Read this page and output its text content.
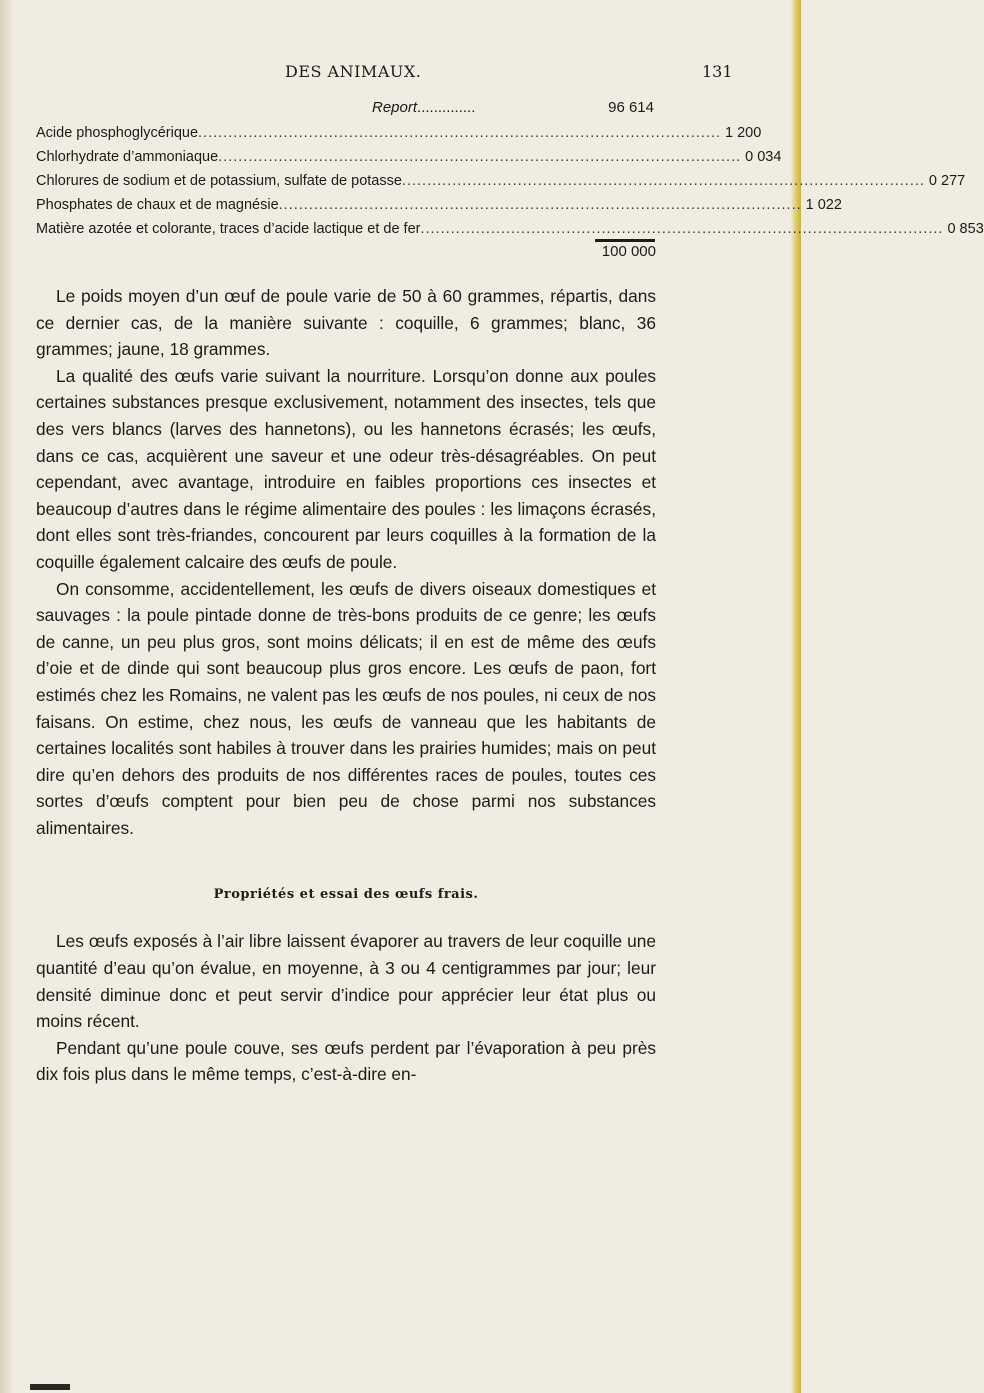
DES ANIMAUX.	131
Report..............	96 614
Acide phosphoglycérique ........................................................................................................ 1 200
Chlorhydrate d’ammoniaque ........................................................................................................ 0 034
Chlorures de sodium et de potassium, sulfate de potasse ........................................................................................................ 0 277
Phosphates de chaux et de magnésie ........................................................................................................ 1 022
Matière azotée et colorante, traces d’acide lactique et de fer ........................................................................................................ 0 853
100 000

Le poids moyen d’un œuf de poule varie de 50 à 60 grammes, répartis, dans ce dernier cas, de la manière suivante : coquille, 6 grammes; blanc, 36 grammes; jaune, 18 grammes.

La qualité des œufs varie suivant la nourriture. Lorsqu’on donne aux poules certaines substances presque exclusivement, notamment des insectes, tels que des vers blancs (larves des hannetons), ou les hannetons écrasés; les œufs, dans ce cas, acquièrent une saveur et une odeur très-désagréables. On peut cependant, avec avantage, introduire en faibles proportions ces insectes et beaucoup d’autres dans le régime alimentaire des poules : les limaçons écrasés, dont elles sont très-friandes, concourent par leurs coquilles à la formation de la coquille également calcaire des œufs de poule.

On consomme, accidentellement, les œufs de divers oiseaux domestiques et sauvages : la poule pintade donne de très-bons produits de ce genre; les œufs de canne, un peu plus gros, sont moins délicats; il en est de même des œufs d’oie et de dinde qui sont beaucoup plus gros encore. Les œufs de paon, fort estimés chez les Romains, ne valent pas les œufs de nos poules, ni ceux de nos faisans. On estime, chez nous, les œufs de vanneau que les habitants de certaines localités sont habiles à trouver dans les prairies humides; mais on peut dire qu’en dehors des produits de nos différentes races de poules, toutes ces sortes d’œufs comptent pour bien peu de chose parmi nos substances alimentaires.

Propriétés et essai des œufs frais.

Les œufs exposés à l’air libre laissent évaporer au travers de leur coquille une quantité d’eau qu’on évalue, en moyenne, à 3 ou 4 centigrammes par jour; leur densité diminue donc et peut servir d’indice pour apprécier leur état plus ou moins récent.

Pendant qu’une poule couve, ses œufs perdent par l’évaporation à peu près dix fois plus dans le même temps, c’est-à-dire en-
